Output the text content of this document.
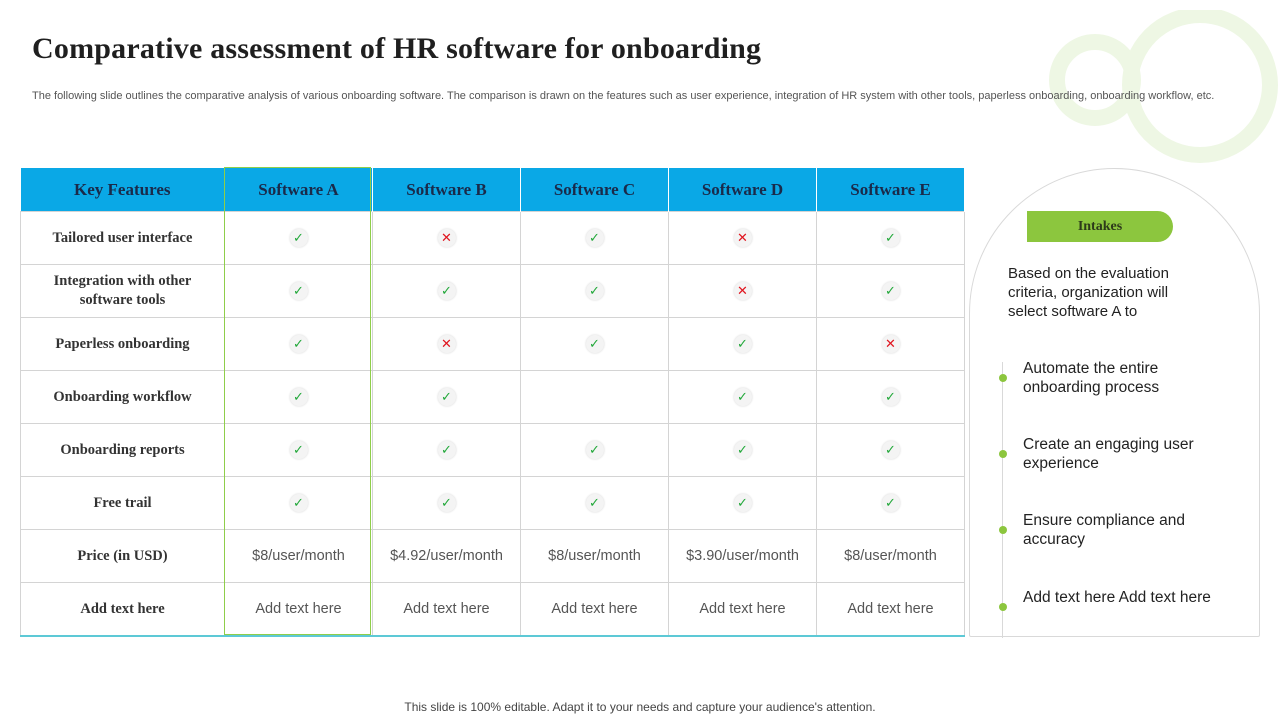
Comparative assessment of HR software for onboarding
The following slide outlines the comparative analysis of various onboarding software. The comparison is drawn on the features such as user experience, integration of HR system with other tools, paperless onboarding, onboarding workflow, etc.
Key Features	Software A	Software B	Software C	Software D	Software E
Tailored user interface	✓	✕	✓	✕	✓
Integration with other software tools	✓	✓	✓	✕	✓
Paperless onboarding	✓	✕	✓	✓	✕
Onboarding workflow	✓	✓		✓	✓
Onboarding reports	✓	✓	✓	✓	✓
Free trail	✓	✓	✓	✓	✓
Price (in USD)	$8/user/month	$4.92/user/month	$8/user/month	$3.90/user/month	$8/user/month
Add text here	Add text here	Add text here	Add text here	Add text here	Add text here
Intakes
Based on the evaluation criteria, organization will select software A to
Automate the entire onboarding process
Create an engaging user experience
Ensure compliance and accuracy
Add text here Add text here
This slide is 100% editable. Adapt it to your needs and capture your audience's attention.
